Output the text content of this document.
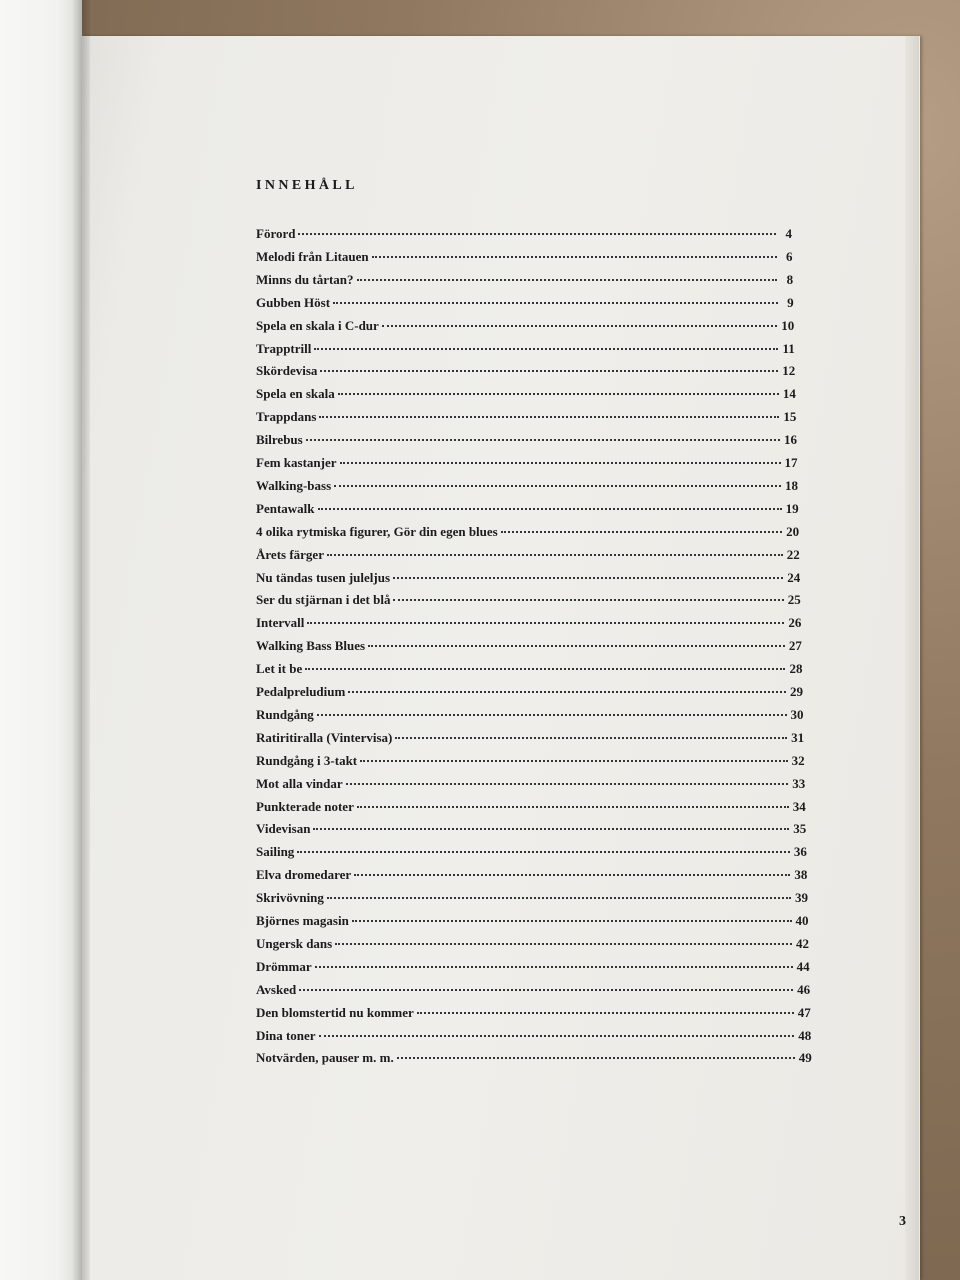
INNEHÅLL
Förord	4
Melodi från Litauen	6
Minns du tårtan?	8
Gubben Höst	9
Spela en skala i C-dur	10
Trapptrill	11
Skördevisa	12
Spela en skala	14
Trappdans	15
Bilrebus	16
Fem kastanjer	17
Walking-bass	18
Pentawalk	19
4 olika rytmiska figurer, Gör din egen blues	20
Årets färger	22
Nu tändas tusen juleljus	24
Ser du stjärnan i det blå	25
Intervall	26
Walking Bass Blues	27
Let it be	28
Pedalpreludium	29
Rundgång	30
Ratiritiralla (Vintervisa)	31
Rundgång i 3-takt	32
Mot alla vindar	33
Punkterade noter	34
Videvisan	35
Sailing	36
Elva dromedarer	38
Skrivövning	39
Björnes magasin	40
Ungersk dans	42
Drömmar	44
Avsked	46
Den blomstertid nu kommer	47
Dina toner	48
Notvärden, pauser m. m.	49
3
